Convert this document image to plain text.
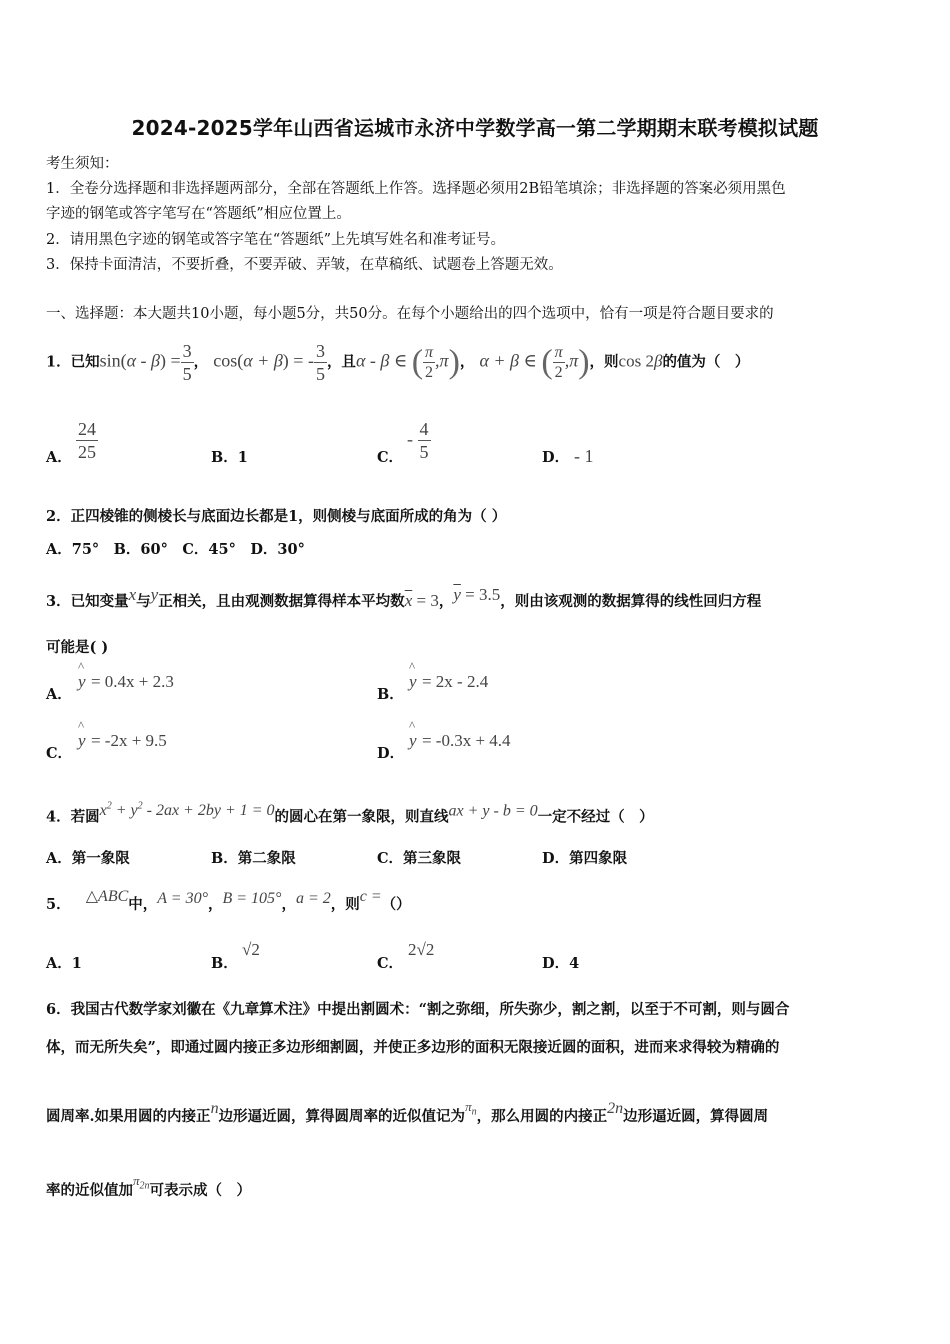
2024-2025学年山西省运城市永济中学数学高一第二学期期末联考模拟试题
考生须知：
1．全卷分选择题和非选择题两部分，全部在答题纸上作答。选择题必须用2B铅笔填涂；非选择题的答案必须用黑色
字迹的钢笔或答字笔写在“答题纸”相应位置上。
2．请用黑色字迹的钢笔或答字笔在“答题纸”上先填写姓名和准考证号。
3．保持卡面清洁，不要折叠，不要弄破、弄皱，在草稿纸、试题卷上答题无效。
一、选择题：本大题共10小题，每小题5分，共50分。在每个小题给出的四个选项中，恰有一项是符合题目要求的
1．已知$\sin(\alpha - \beta) = \frac{3}{5}$ ， cos(α + β) = - $\frac{3}{5}$ ，且α - β ∈ ( $\frac{\pi}{2} ,\pi$)， α + β ∈ ( $\frac{\pi}{2} ,\pi$)，则cos 2β的值为（　）
A． $\frac{24}{25}$	B．1	C．
- $\frac{4}{5}$	D． - 1
2．正四棱锥的侧棱长与底面边长都是1，则侧棱与底面所成的角为（ ）
A．75°　B．60°　C．45°　D．30°
3．已知变量x与y正相关，且由观测数据算得样本平均数$\overline{x} = 3$，$\overline{y} = 3.5$，则由该观测的数据算得的线性回归方程
可能是( )
A．
^ y = 0.4x + 2.3
B．
^ y = 2x - 2.4
C．
^ y = -2x + 9.5
D．
^ y = -0.3x + 4.4
4．若圆$x^2 + y^2 - 2ax + 2by + 1 = 0$的圆心在第一象限，则直线ax + y - b = 0一定不经过（　）
A．第一象限	B．第二象限	C．第三象限	D．第四象限
5． △ABC中，A = 30°，B = 105°，a = 2，则c =（）
A．1	B．
√2
C．
2√2
D．4
6．我国古代数学家刘徽在《九章算术注》中提出割圆术：“割之弥细，所失弥少，割之割，以至于不可割，则与圆合
体，而无所失矣”，即通过圆内接正多边形细割圆，并使正多边形的面积无限接近圆的面积，进而来求得较为精确的
圆周率.如果用圆的内接正n边形逼近圆，算得圆周率的近似值记为$\pi_n$，那么用圆的内接正2n边形逼近圆，算得圆周
率的近似值加$\pi_{2n}$可表示成（　）
